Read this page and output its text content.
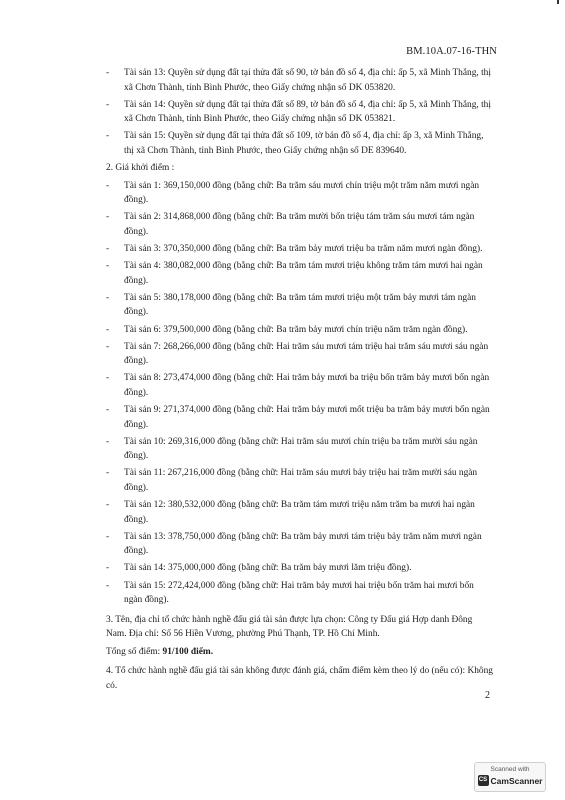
BM.10A.07-16-THN
- Tài sản 13: Quyền sử dụng đất tại thửa đất số 90, tờ bản đồ số 4, địa chỉ: ấp 5, xã Minh Thắng, thị xã Chơn Thành, tỉnh Bình Phước, theo Giấy chứng nhận số DK 053820.
- Tài sản 14: Quyền sử dụng đất tại thửa đất số 89, tờ bản đồ số 4, địa chỉ: ấp 5, xã Minh Thắng, thị xã Chơn Thành, tỉnh Bình Phước, theo Giấy chứng nhận số DK 053821.
- Tài sản 15: Quyền sử dụng đất tại thửa đất số 109, tờ bản đồ số 4, địa chỉ: ấp 3, xã Minh Thắng, thị xã Chơn Thành, tỉnh Bình Phước, theo Giấy chứng nhận số DE 839640.
2. Giá khởi điểm :
- Tài sản 1: 369,150,000 đồng (bằng chữ: Ba trăm sáu mươi chín triệu một trăm năm mươi ngàn đồng).
- Tài sản 2: 314,868,000 đồng (bằng chữ: Ba trăm mười bốn triệu tám trăm sáu mươi tám ngàn đồng).
- Tài sản 3: 370,350,000 đồng (bằng chữ: Ba trăm bảy mươi triệu ba trăm năm mươi ngàn đồng).
- Tài sản 4: 380,082,000 đồng (bằng chữ: Ba trăm tám mươi triệu không trăm tám mươi hai ngàn đồng).
- Tài sản 5: 380,178,000 đồng (bằng chữ: Ba trăm tám mươi triệu một trăm bảy mươi tám ngàn đồng).
- Tài sản 6: 379,500,000 đồng (bằng chữ: Ba trăm bảy mươi chín triệu năm trăm ngàn đồng).
- Tài sản 7: 268,266,000 đồng (bằng chữ: Hai trăm sáu mươi tám triệu hai trăm sáu mươi sáu ngàn đồng).
- Tài sản 8: 273,474,000 đồng (bằng chữ: Hai trăm bảy mươi ba triệu bốn trăm bảy mươi bốn ngàn đồng).
- Tài sản 9: 271,374,000 đồng (bằng chữ: Hai trăm bảy mươi mốt triệu ba trăm bảy mươi bốn ngàn đồng).
- Tài sản 10: 269,316,000 đồng (bằng chữ: Hai trăm sáu mươi chín triệu ba trăm mười sáu ngàn đồng).
- Tài sản 11: 267,216,000 đồng (bằng chữ: Hai trăm sáu mươi bảy triệu hai trăm mười sáu ngàn đồng).
- Tài sản 12: 380,532,000 đồng (bằng chữ: Ba trăm tám mươi triệu năm trăm ba mươi hai ngàn đồng).
- Tài sản 13: 378,750,000 đồng (bằng chữ: Ba trăm bảy mươi tám triệu bảy trăm năm mươi ngàn đồng).
- Tài sản 14: 375,000,000 đồng (bằng chữ: Ba trăm bảy mươi lăm triệu đồng).
- Tài sản 15: 272,424,000 đồng (bằng chữ: Hai trăm bảy mươi hai triệu bốn trăm hai mươi bốn ngàn đồng).
3. Tên, địa chỉ tổ chức hành nghề đấu giá tài sản được lựa chọn: Công ty Đấu giá Hợp danh Đông Nam. Địa chỉ: Số 56 Hiền Vương, phường Phú Thạnh, TP. Hồ Chí Minh.
Tổng số điểm: 91/100 điểm.
4. Tổ chức hành nghề đấu giá tài sản không được đánh giá, chấm điểm kèm theo lý do (nếu có): Không có.
2
Scanned with
CS CamScanner
